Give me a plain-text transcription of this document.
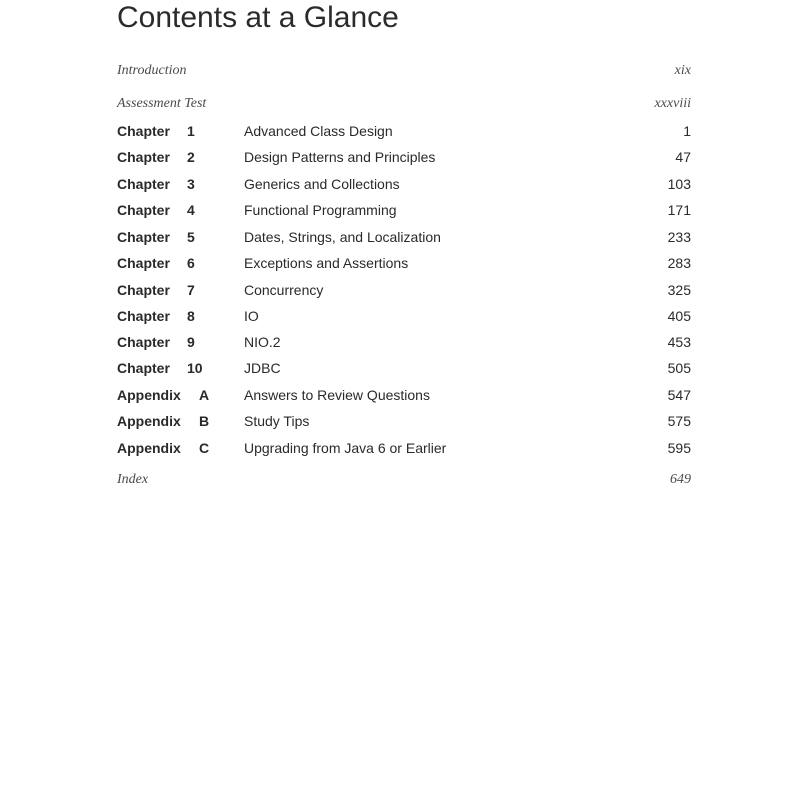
Contents at a Glance
Introduction	xix
Assessment Test	xxxviii
Chapter 1	Advanced Class Design	1
Chapter 2	Design Patterns and Principles	47
Chapter 3	Generics and Collections	103
Chapter 4	Functional Programming	171
Chapter 5	Dates, Strings, and Localization	233
Chapter 6	Exceptions and Assertions	283
Chapter 7	Concurrency	325
Chapter 8	IO	405
Chapter 9	NIO.2	453
Chapter 10	JDBC	505
Appendix A Answers to Review Questions	547
Appendix B Study Tips	575
Appendix C Upgrading from Java 6 or Earlier	595
Index	649
